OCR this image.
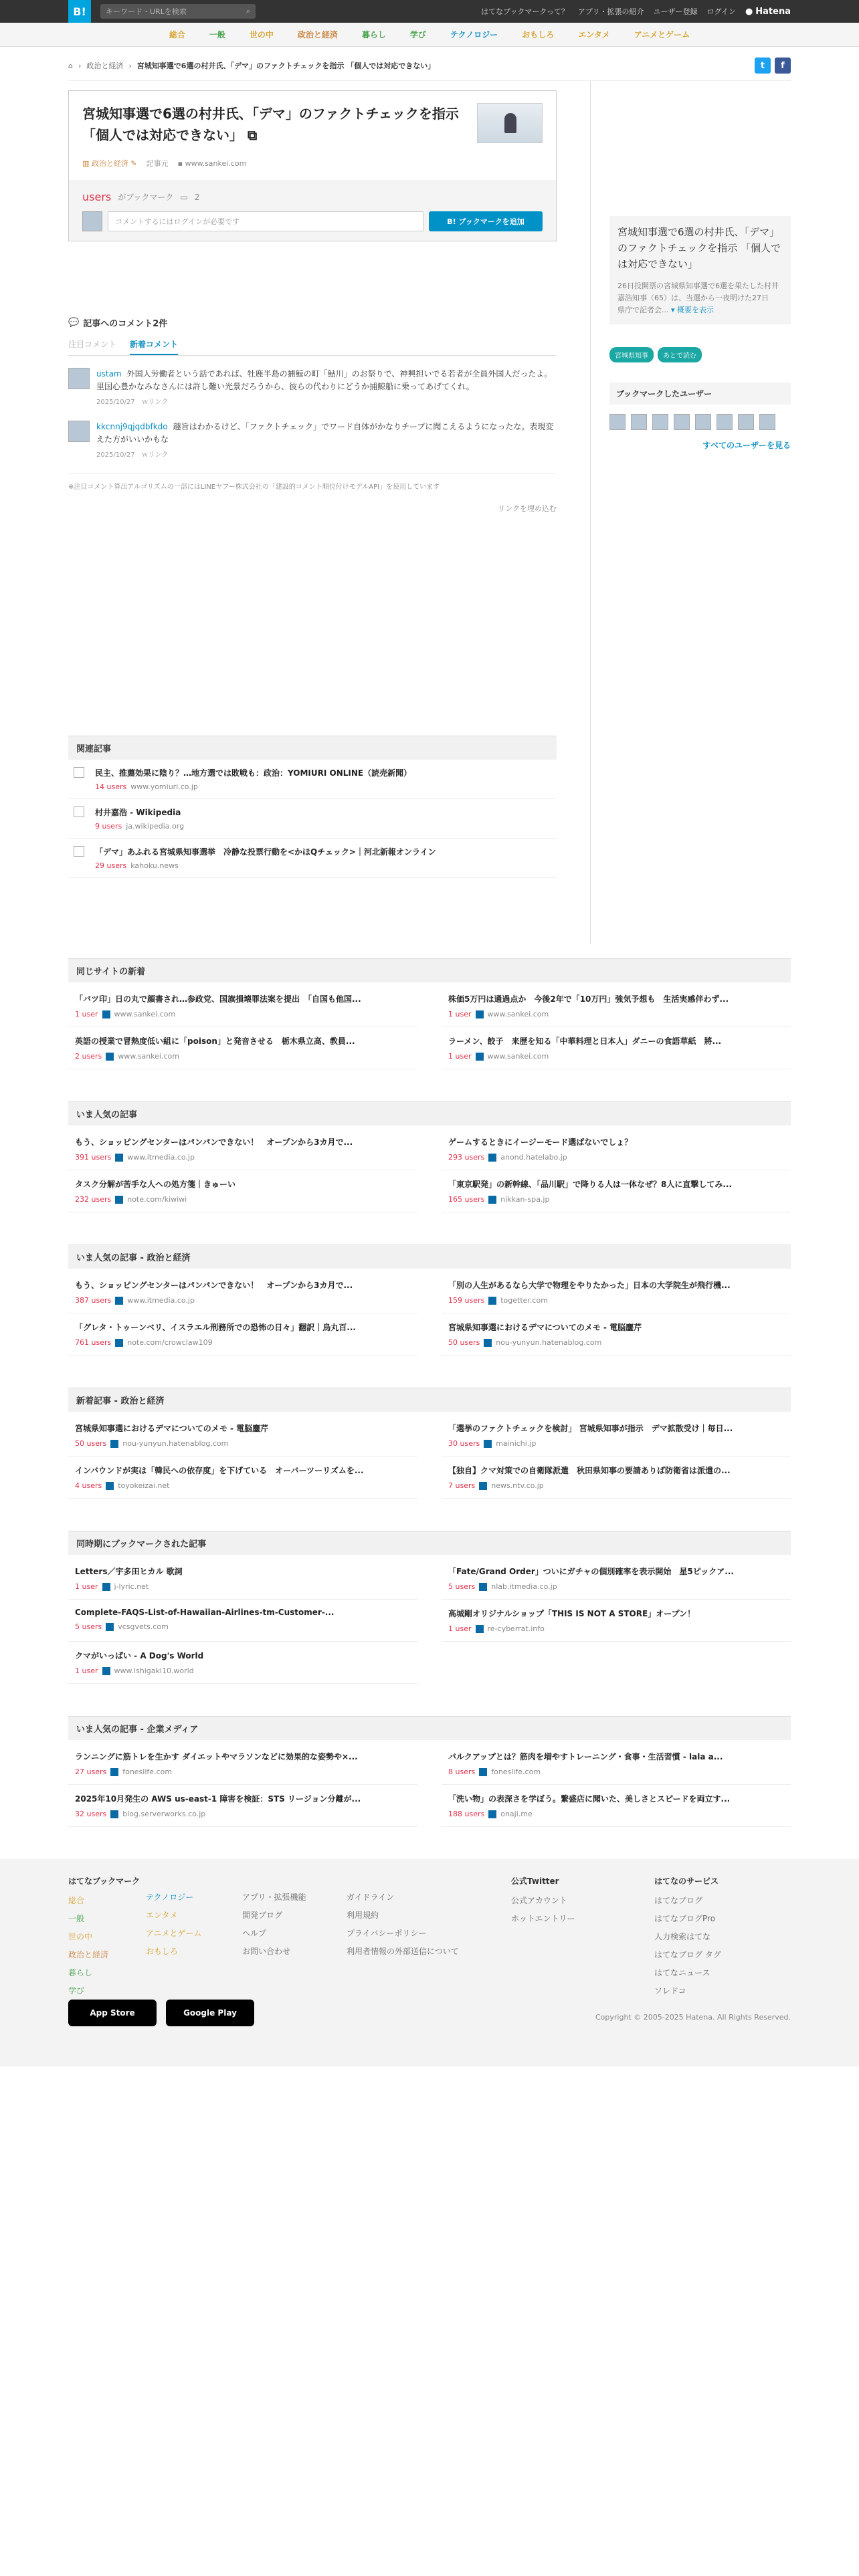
B!	キーワード・URLを検索	⌕	はてなブックマークって？ アプリ・拡張の紹介 ユーザー登録 ログイン ● Hatena
総合	一般	世の中	政治と経済	暮らし	学び	テクノロジー	おもしろ	エンタメ	アニメとゲーム
⌂ › 政治と経済 › 宮城知事選で6選の村井氏、「デマ」のファクトチェックを指示 「個人では対応できない」	t	f
宮城知事選で6選の村井氏、「デマ」のファクトチェックを指示 「個人では対応できない」 ⧉
▥ 政治と経済 ✎ 記事元 ▪ www.sankei.com
users がブックマーク ▭ 2
コメントするにはログインが必要です	B! ブックマークを追加
💬 記事へのコメント2件
注目コメント 新着コメント
ustam 外国人労働者という話であれば、牡鹿半島の捕鯨の町「鮎川」のお祭りで、神興担いでる若者が全員外国人だったよ。里国心豊かなみなさんには許し難い光景だろうから、彼らの代わりにどうか捕鯨船に乗ってあげてくれ。
2025/10/27　 ｗリンク
kkcnnj9qjqdbfkdo 趣旨はわかるけど、「ファクトチェック」でワード自体がかなりチープに聞こえるようになったな。表現変えた方がいいかもな
2025/10/27　 ｗリンク
※注目コメント算出アルゴリズムの一部にはLINEヤフー株式会社の「建設的コメント順位付けモデルAPI」を使用しています
リンクを埋め込む
関連記事
民主、推薦効果に陰り？…地方選では敗戦も：政治：YOMIURI ONLINE（読売新聞）
14 users www.yomiuri.co.jp
村井嘉浩 - Wikipedia
9 users ja.wikipedia.org
「デマ」あふれる宮城県知事選挙　冷静な投票行動を<かほQチェック>｜河北新報オンライン
29 users kahoku.news
宮城知事選で6選の村井氏、「デマ」のファクトチェックを指示 「個人では対応できない」

26日投開票の宮城県知事選で6選を果たした村井嘉浩知事（65）は、当選から一夜明けた27日　県庁で記者会... ▾ 概要を表示

宮城県知事	あとで読む
ブックマークしたユーザー
すべてのユーザーを見る
同じサイトの新着
「バツ印」日の丸で顔書され…参政党、国旗損壊罪法案を提出　「自国も他国...
1 user www.sankei.com
株価5万円は通過点か　今後2年で「10万円」強気予想も　生活実感伴わず...
1 user www.sankei.com
英語の授業で冒熱度低い組に「poison」と発音させる　栃木県立高、教員...
2 users www.sankei.com
ラーメン、餃子　来歴を知る「中華料理と日本人」ダニーの食語草紙　將...
1 user www.sankei.com
いま人気の記事
もう、ショッピングセンターはパンパンできない！　オープンから3カ月で...
391 users www.itmedia.co.jp
ゲームするときにイージーモード選ばないでしょ？
293 users anond.hatelabo.jp
タスク分解が苦手な人への処方箋｜きゅーい
232 users note.com/kiwiwi
「東京駅発」の新幹線、「品川駅」で降りる人は一体なぜ？8人に直撃してみ...
165 users nikkan-spa.jp
いま人気の記事 - 政治と経済
もう、ショッピングセンターはパンパンできない！　オープンから3カ月で...
387 users www.itmedia.co.jp
「別の人生があるなら大学で物理をやりたかった」日本の大学院生が飛行機...
159 users togetter.com
「グレタ・トゥーンベリ、イスラエル刑務所での恐怖の日々」翻訳｜烏丸百...
761 users note.com/crowclaw109
宮城県知事選におけるデマについてのメモ - 電脳鏖芹
50 users nou-yunyun.hatenablog.com
新着記事 - 政治と経済
宮城県知事選におけるデマについてのメモ - 電脳鏖芹
50 users nou-yunyun.hatenablog.com
「選挙のファクトチェックを検討」 宮城県知事が指示　デマ拡散受け｜毎日...
30 users mainichi.jp
インバウンドが実は「韓民への依存度」を下げている　オーバーツーリズムを...
4 users toyokeizai.net
【独自】クマ対策での自衛隊派遣　秋田県知事の要請ありば防衛省は派遣の...
7 users news.ntv.co.jp
同時期にブックマークされた記事
Letters／宇多田ヒカル 歌詞
1 user j-lyric.net
「Fate/Grand Order」ついにガチャの個別確率を表示開始　星5ピックア...
5 users nlab.itmedia.co.jp
Complete-FAQS-List-of-Hawaiian-Airlines-tm-Customer-...
5 users vcsgvets.com
高城剛オリジナルショップ「THIS IS NOT A STORE」オープン！
1 user re-cyberrat.info
クマがいっぱい - A Dog's World
1 user www.ishigaki10.world
いま人気の記事 - 企業メディア
ランニングに筋トレを生かす ダイエットやマラソンなどに効果的な姿勢や×...
27 users foneslife.com
バルクアップとは？筋肉を増やすトレーニング・食事・生活習慣 - lala a...
8 users foneslife.com
2025年10月発生の AWS us-east-1 障害を検証：STS リージョン分離が...
32 users blog.serverworks.co.jp
「洗い物」の表深さを学ぼう。繋盛店に聞いた、美しさとスピードを両立す...
188 users onaji.me
はてなブックマーク
総合
一般
世の中
政治と経済
暮らし
学び
テクノロジー
エンタメ
アニメとゲーム
おもしろ
アプリ・拡張機能
開発ブログ
ヘルプ
お問い合わせ
ガイドライン
利用規約
プライバシーポリシー
利用者情報の外部送信について
公式Twitter
公式アカウント
ホットエントリー
はてなのサービス
はてなブログ
はてなブログPro
人力検索はてな
はてなブログ タグ
はてなニュース
ソレドコ
App Store	Google Play	Copyright © 2005-2025 Hatena. All Rights Reserved.
